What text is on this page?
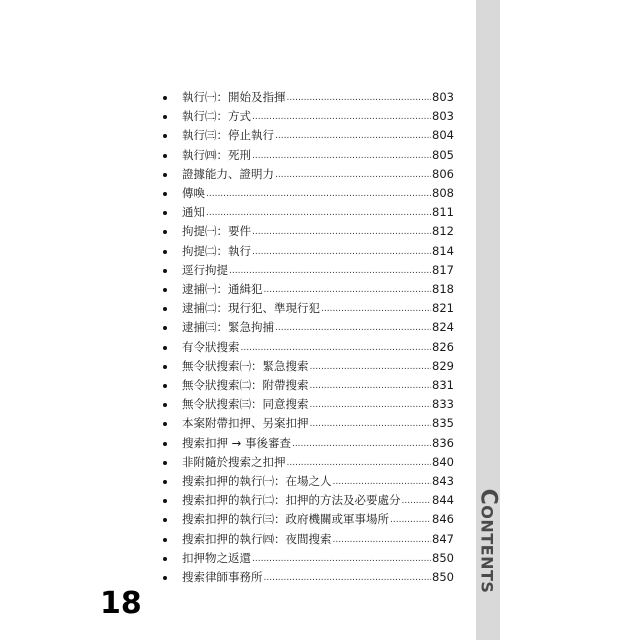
CONTENTS
執行㈠：開始及指揮 .....	803
執行㈡：方式 .....	803
執行㈢：停止執行 .....	804
執行㈣：死刑 .....	805
證據能力、證明力 .....	806
傳喚 .....	808
通知 .....	811
拘提㈠：要件 .....	812
拘提㈡：執行 .....	814
逕行拘提 .....	817
逮捕㈠：通緝犯 .....	818
逮捕㈡：現行犯、準現行犯 .....	821
逮捕㈢：緊急拘捕 .....	824
有令狀搜索 .....	826
無令狀搜索㈠：緊急搜索 .....	829
無令狀搜索㈡：附帶搜索 .....	831
無令狀搜索㈢：同意搜索 .....	833
本案附帶扣押、另案扣押 .....	835
搜索扣押 → 事後審查 .....	836
非附隨於搜索之扣押 .....	840
搜索扣押的執行㈠：在場之人 .....	843
搜索扣押的執行㈡：扣押的方法及必要處分 .....	844
搜索扣押的執行㈢：政府機關或軍事場所 .....	846
搜索扣押的執行㈣：夜間搜索 .....	847
扣押物之返還 .....	850
搜索律師事務所 .....	850
18
